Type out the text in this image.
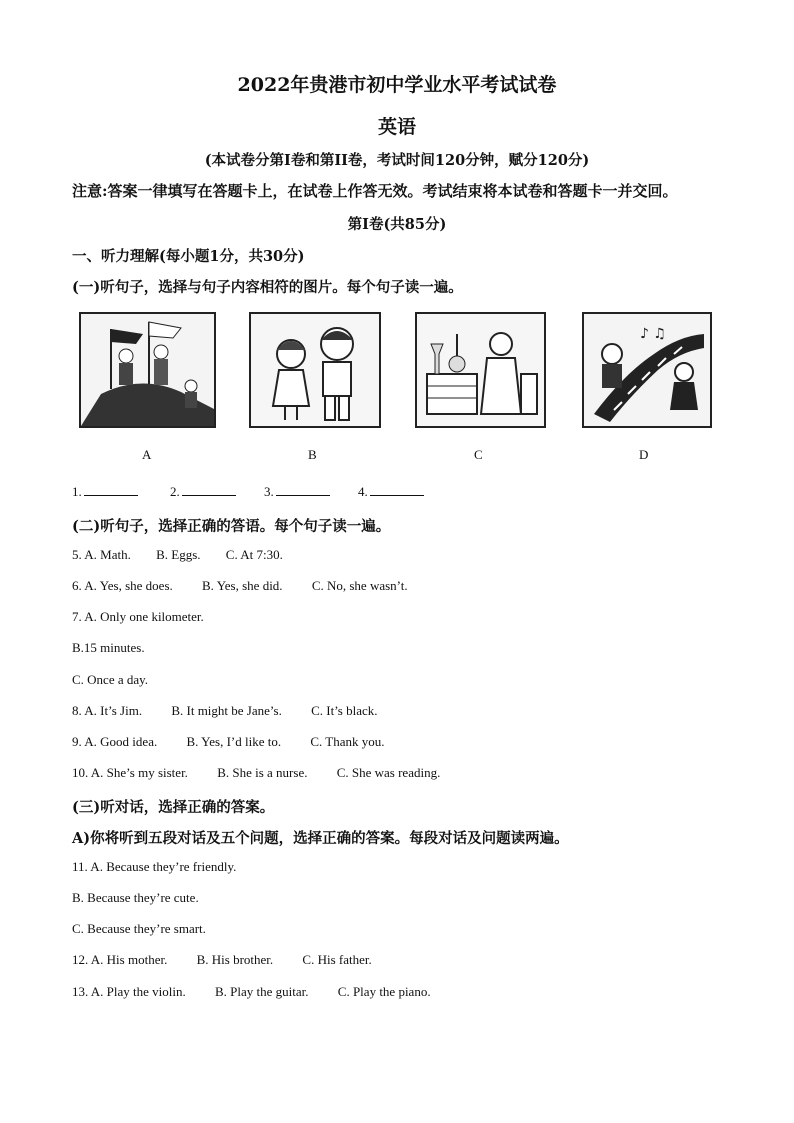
2022年贵港市初中学业水平考试试卷
英语
(本试卷分第I卷和第II卷，考试时间120分钟，赋分120分)
注意:答案一律填写在答题卡上，在试卷上作答无效。考试结束将本试卷和答题卡一并交回。
第I卷(共85分)
一、听力理解(每小题1分，共30分)
(一)听句子，选择与句子内容相符的图片。每个句子读一遍。
♪ ♫
A	B	C	D
1.	2.	3.	4.
(二)听句子，选择正确的答语。每个句子读一遍。
5. A. Math. B. Eggs. C. At 7:30.
6. A. Yes, she does. B. Yes, she did. C. No, she wasn’t.
7. A. Only one kilometer.
B.15 minutes.
C. Once a day.
8. A. It’s Jim. B. It might be Jane’s. C. It’s black.
9. A. Good idea. B. Yes, I’d like to. C. Thank you.
10. A. She’s my sister. B. She is a nurse. C. She was reading.
(三)听对话，选择正确的答案。
A)你将听到五段对话及五个问题，选择正确的答案。每段对话及问题读两遍。
11. A. Because they’re friendly.
B. Because they’re cute.
C. Because they’re smart.
12. A. His mother. B. His brother. C. His father.
13. A. Play the violin. B. Play the guitar. C. Play the piano.
